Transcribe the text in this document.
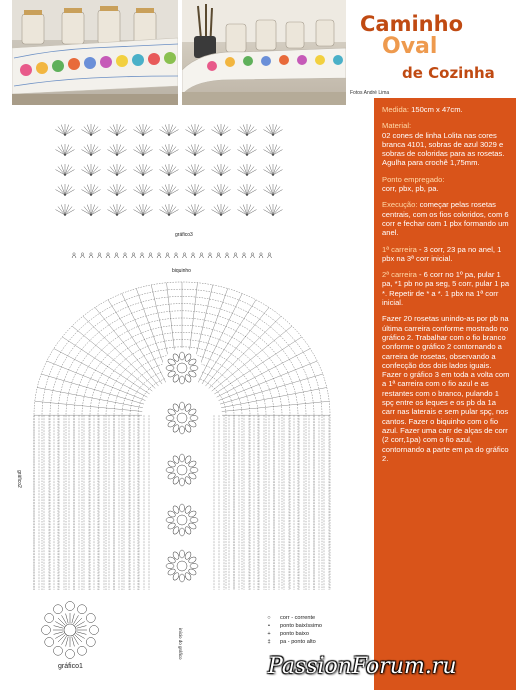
Fotos André Lima
Caminho
Oval
de Cozinha

Medida: 150cm x 47cm.

Material:
02 cones de linha Lolita nas cores branca 4101, sobras de azul 3029 e sobras de coloridas para as rosetas. Agulha para crochê 1,75mm.

Ponto empregado:
corr, pbx, pb, pa.

Execução: começar pelas rosetas centrais, com os fios coloridos, com 6 corr e fechar com 1 pbx formando um anel.

1ª carreira - 3 corr, 23 pa no anel, 1 pbx na 3ª corr inicial.

2ª carreira - 6 corr no 1º pa, pular 1 pa, *1 pb no pa seg, 5 corr, pular 1 pa *. Repetir de * a *. 1 pbx na 1ª corr inicial.

Fazer 20 rosetas unindo-as por pb na última carreira conforme mostrado no gráfico 2. Trabalhar com o fio branco conforme o gráfico 2 contornando a carreira de rosetas, observando a confecção dos dois lados iguais. Fazer o gráfico 3 em toda a volta com a 1ª carreira com o fio azul e as restantes com o branco, pulando 1 spç entre os leques e os pb da 1a carr nas laterais e sem pular spç, nos cantos. Fazer o biquinho com o fio azul. Fazer uma carr de alças de corr (2 corr,1pa) com o fio azul, contornando a parte em pa do gráfico 2.

gráfico3
biquinho
gráfico2
gráfico1
início do gráfico
○	corr - corrente
•	ponto baixíssimo
+	ponto baixo
‡	pa - ponto alto
PassionForum.ru
